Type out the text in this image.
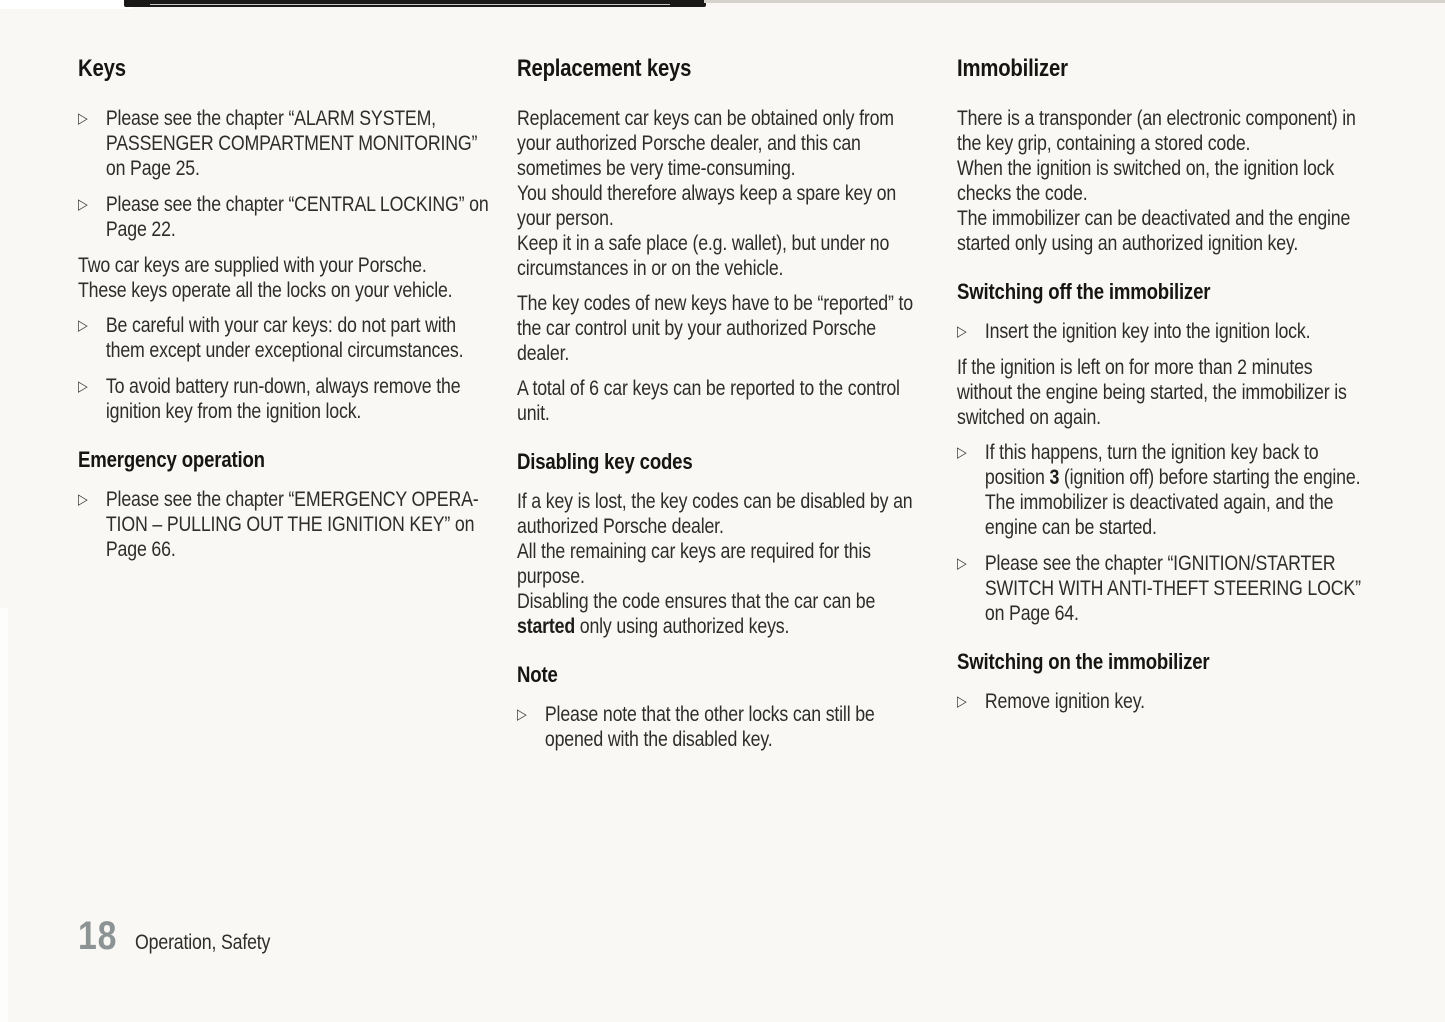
Keys
▷ Please see the chapter “ALARM SYSTEM, PASSENGER COMPARTMENT MONITORING” on Page 25.
▷ Please see the chapter “CENTRAL LOCKING” on Page 22.

Two car keys are supplied with your Porsche.
These keys operate all the locks on your vehicle.

▷ Be careful with your car keys: do not part with them except under exceptional circumstances.
▷ To avoid battery run-down, always remove the ignition key from the ignition lock.
Emergency operation
▷ Please see the chapter “EMERGENCY OPERA-TION – PULLING OUT THE IGNITION KEY” on Page 66.
Replacement keys

Replacement car keys can be obtained only from your authorized Porsche dealer, and this can sometimes be very time-consuming.
You should therefore always keep a spare key on your person.
Keep it in a safe place (e.g. wallet), but under no circumstances in or on the vehicle.

The key codes of new keys have to be “reported” to the car control unit by your authorized Porsche dealer.

A total of 6 car keys can be reported to the control unit.

Disabling key codes

If a key is lost, the key codes can be disabled by an authorized Porsche dealer.
All the remaining car keys are required for this purpose.
Disabling the code ensures that the car can be started only using authorized keys.

Note
▷ Please note that the other locks can still be opened with the disabled key.
Immobilizer

There is a transponder (an electronic component) in the key grip, containing a stored code.
When the ignition is switched on, the ignition lock checks the code.
The immobilizer can be deactivated and the engine started only using an authorized ignition key.

Switching off the immobilizer
▷ Insert the ignition key into the ignition lock.

If the ignition is left on for more than 2 minutes without the engine being started, the immobilizer is switched on again.

▷ If this happens, turn the ignition key back to position 3 (ignition off) before starting the engine. The immobilizer is deactivated again, and the engine can be started.
▷ Please see the chapter “IGNITION/STARTER SWITCH WITH ANTI-THEFT STEERING LOCK” on Page 64.
Switching on the immobilizer
▷ Remove ignition key.
18 Operation, Safety
